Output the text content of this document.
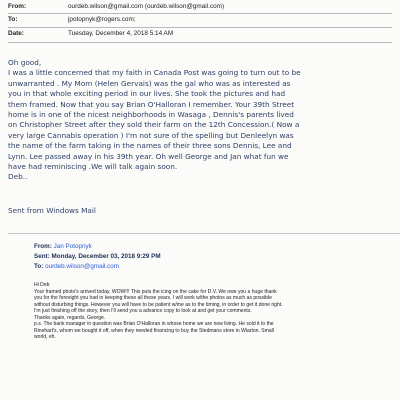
From:	ourdeb.wilson@gmail.com (ourdeb.wilson@gmail.com)
To:	jpotopnyk@rogers.com;
Date:	Tuesday, December 4, 2018 5:14 AM
Oh good,
I was a little concerned that my faith in Canada Post was going to turn out to be
unwarranted . My Mom (Helen Gervais) was the gal who was as interested as
you in that whole exciting period in our lives. She took the pictures and had
them framed. Now that you say Brian O'Halloran I remember. Your 39th Street
home is in one of the nicest neighborhoods in Wasaga , Dennis's parents lived
on Christopher Street after they sold their farm on the 12th Concession.( Now a
very large Cannabis operation ) I'm not sure of the spelling but Denleelyn was
the name of the farm taking in the names of their three sons Dennis, Lee and
Lynn. Lee passed away in his 39th year. Oh well George and Jan what fun we
have had reminiscing .We will talk again soon.
Deb..
Sent from Windows Mail
From: Jan Potopnyk
Sent: Monday, December 03, 2018 9:29 PM
To: ourdeb.wilson@gmail.com
Hi Deb
Your framed photo's arrived today. WOW!!! This puts the icing on the cake for D.V. We owe you a huge thank
you for the foresight you had in keeping these all these years. I will work w/the photos as much as possible
without disturbing things. However you will have to be patient w/me as to the timing, in order to get it done right.
I'm just finishing off the story, then I'll send you a advance copy to look at and get your comments.
Thanks again, regards, George.
p.s. The bank manager in question was Brian O'Halloran in whose home we are now living. He sold it to the
Rinehart's, whom we bought it off, when they needed financing to buy the Stedmans store in Wiarton. Small
world, eh.
